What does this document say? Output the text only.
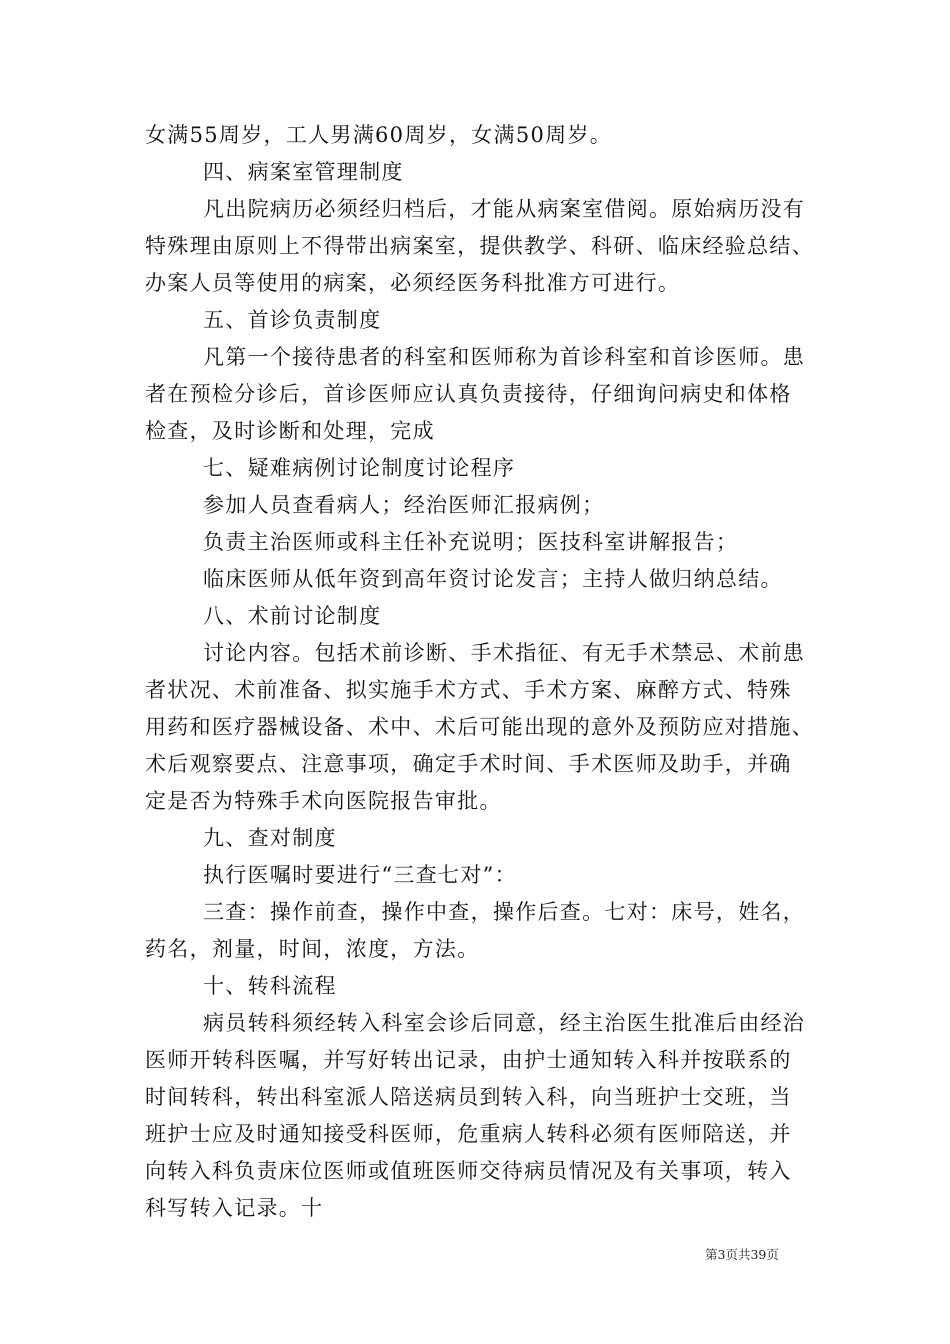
女满55周岁，工人男满60周岁，女满50周岁。
四、病案室管理制度
凡出院病历必须经归档后，才能从病案室借阅。原始病历没有
特殊理由原则上不得带出病案室，提供教学、科研、临床经验总结、
办案人员等使用的病案，必须经医务科批准方可进行。
五、首诊负责制度
凡第一个接待患者的科室和医师称为首诊科室和首诊医师。患
者在预检分诊后，首诊医师应认真负责接待，仔细询问病史和体格
检查，及时诊断和处理，完成
七、疑难病例讨论制度讨论程序
参加人员查看病人；经治医师汇报病例；
负责主治医师或科主任补充说明；医技科室讲解报告；
临床医师从低年资到高年资讨论发言；主持人做归纳总结。
八、术前讨论制度
讨论内容。包括术前诊断、手术指征、有无手术禁忌、术前患
者状况、术前准备、拟实施手术方式、手术方案、麻醉方式、特殊
用药和医疗器械设备、术中、术后可能出现的意外及预防应对措施、
术后观察要点、注意事项，确定手术时间、手术医师及助手，并确
定是否为特殊手术向医院报告审批。
九、查对制度
执行医嘱时要进行“三查七对”：
三查：操作前查，操作中查，操作后查。七对：床号，姓名，
药名，剂量，时间，浓度，方法。
十、转科流程
病员转科须经转入科室会诊后同意，经主治医生批准后由经治
医师开转科医嘱，并写好转出记录，由护士通知转入科并按联系的
时间转科，转出科室派人陪送病员到转入科，向当班护士交班，当
班护士应及时通知接受科医师，危重病人转科必须有医师陪送，并
向转入科负责床位医师或值班医师交待病员情况及有关事项，转入
科写转入记录。十
第3页共39页
